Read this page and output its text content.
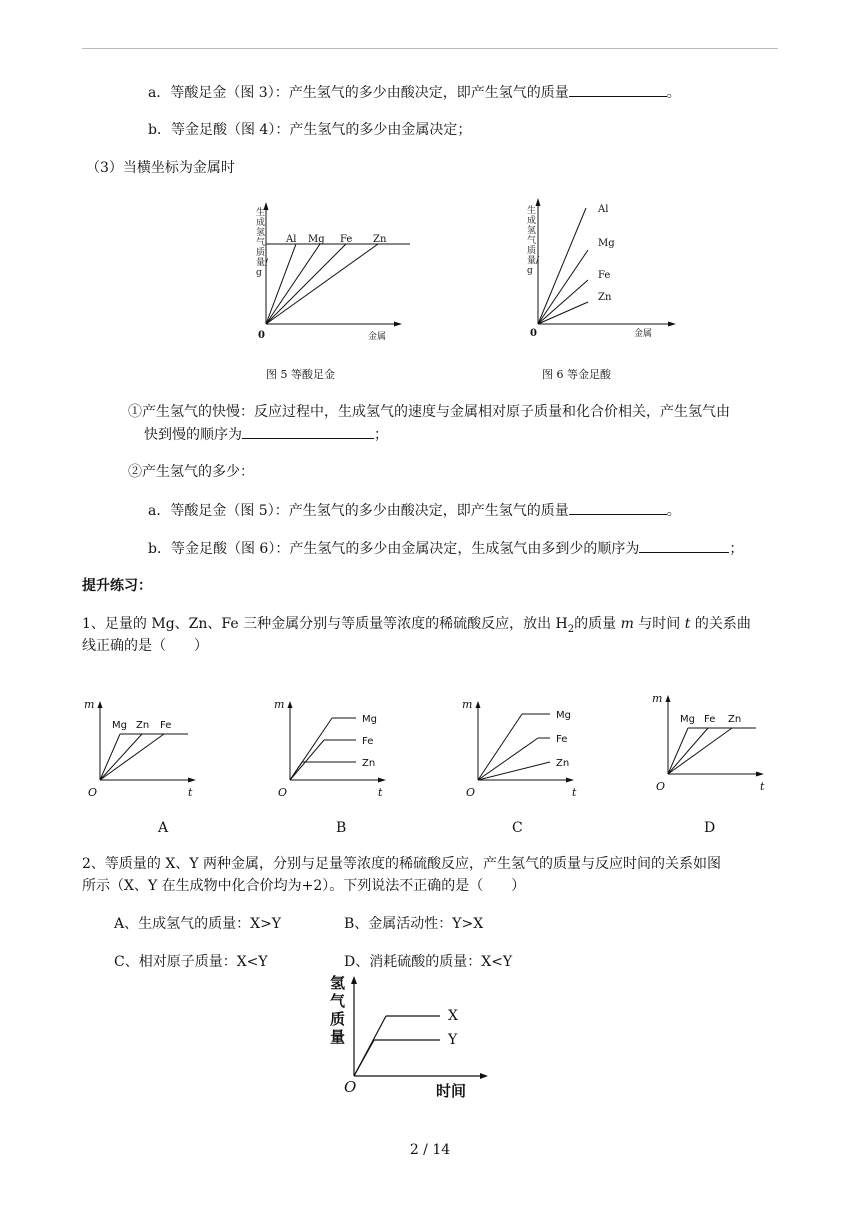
a．等酸足金（图 3）：产生氢气的多少由酸决定，即产生氢气的质量	。
b．等金足酸（图 4）：产生氢气的多少由金属决定；
（3）当横坐标为金属时
Al Mg Fe Zn
0	金属
生成氢气质量/g
图 5 等酸足金
Al
Mg
Fe
Zn
0	金属
生成氢气质量/g
图 6 等金足酸
①产生氢气的快慢：反应过程中，生成氢气的速度与金属相对原子质量和化合价相关，产生氢气由
快到慢的顺序为	；
②产生氢气的多少：
a．等酸足金（图 5）：产生氢气的多少由酸决定，即产生氢气的质量	。
b．等金足酸（图 6）：产生氢气的多少由金属决定，生成氢气由多到少的顺序为	；
提升练习：
1、足量的 Mg、Zn、Fe 三种金属分别与等质量等浓度的稀硫酸反应，放出 $H_2$的质量 m 与时间 t 的关系曲
线正确的是（　　）
m
t
O
Mg Zn Fe
m
t
O
Mg
Fe
Zn
m
t
O
Mg
Fe
Zn
m
t
O
Mg Fe Zn
A	B	C	D
2、等质量的 X、Y 两种金属，分别与足量等浓度的稀硫酸反应，产生氢气的质量与反应时间的关系如图
所示（X、Y 在生成物中化合价均为+2）。下列说法不正确的是（　　）
A、生成氢气的质量：X>Y	B、金属活动性：Y>X
C、相对原子质量：X<Y	D、消耗硫酸的质量：X<Y
氢气质量
O	时间
X
Y
2 / 14
